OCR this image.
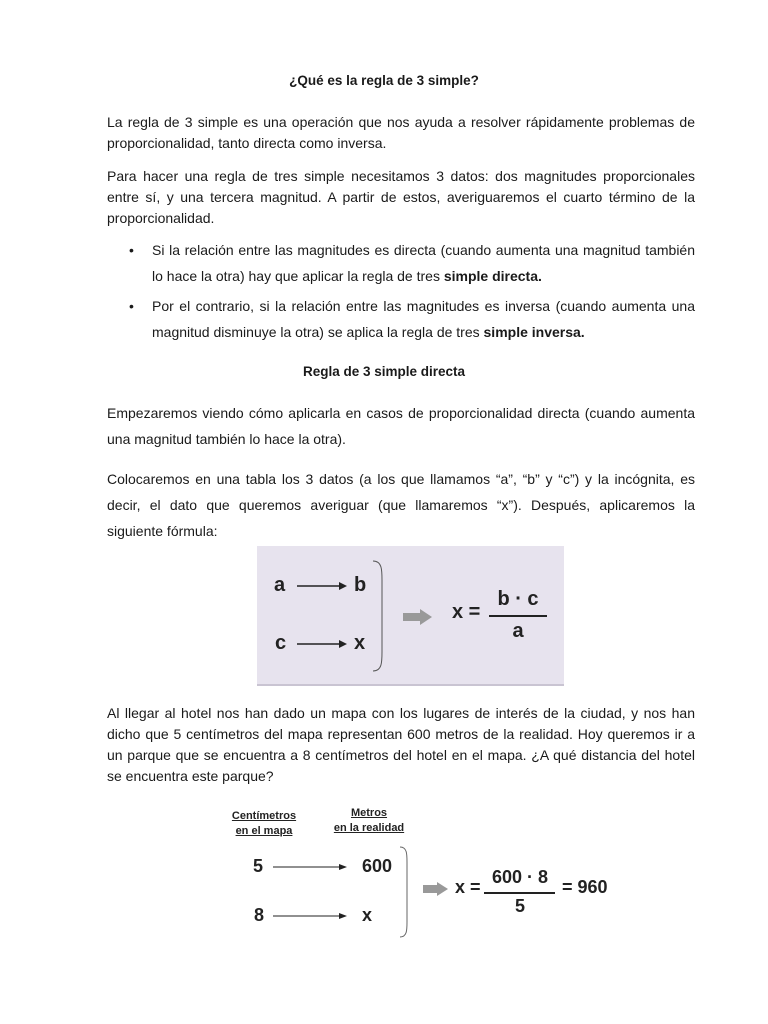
¿Qué es la regla de 3 simple?
La regla de 3 simple es una operación que nos ayuda a resolver rápidamente problemas de proporcionalidad, tanto directa como inversa.
Para hacer una regla de tres simple necesitamos 3 datos: dos magnitudes proporcionales entre sí, y una tercera magnitud. A partir de estos, averiguaremos el cuarto término de la proporcionalidad.
• Si la relación entre las magnitudes es directa (cuando aumenta una magnitud también lo hace la otra) hay que aplicar la regla de tres simple directa.
• Por el contrario, si la relación entre las magnitudes es inversa (cuando aumenta una magnitud disminuye la otra) se aplica la regla de tres simple inversa.
Regla de 3 simple directa
Empezaremos viendo cómo aplicarla en casos de proporcionalidad directa (cuando aumenta una magnitud también lo hace la otra).
Colocaremos en una tabla los 3 datos (a los que llamamos “a”, “b” y “c”) y la incógnita, es decir, el dato que queremos averiguar (que llamaremos “x”). Después, aplicaremos la siguiente fórmula:
a	b
c	x
x =
b · c
a
Al llegar al hotel nos han dado un mapa con los lugares de interés de la ciudad, y nos han dicho que 5 centímetros del mapa representan 600 metros de la realidad. Hoy queremos ir a un parque que se encuentra a 8 centímetros del hotel en el mapa. ¿A qué distancia del hotel se encuentra este parque?
Centímetros
en el mapa
Metros
en la realidad
5	600
8	x
x = 600 · 8
5
= 960
